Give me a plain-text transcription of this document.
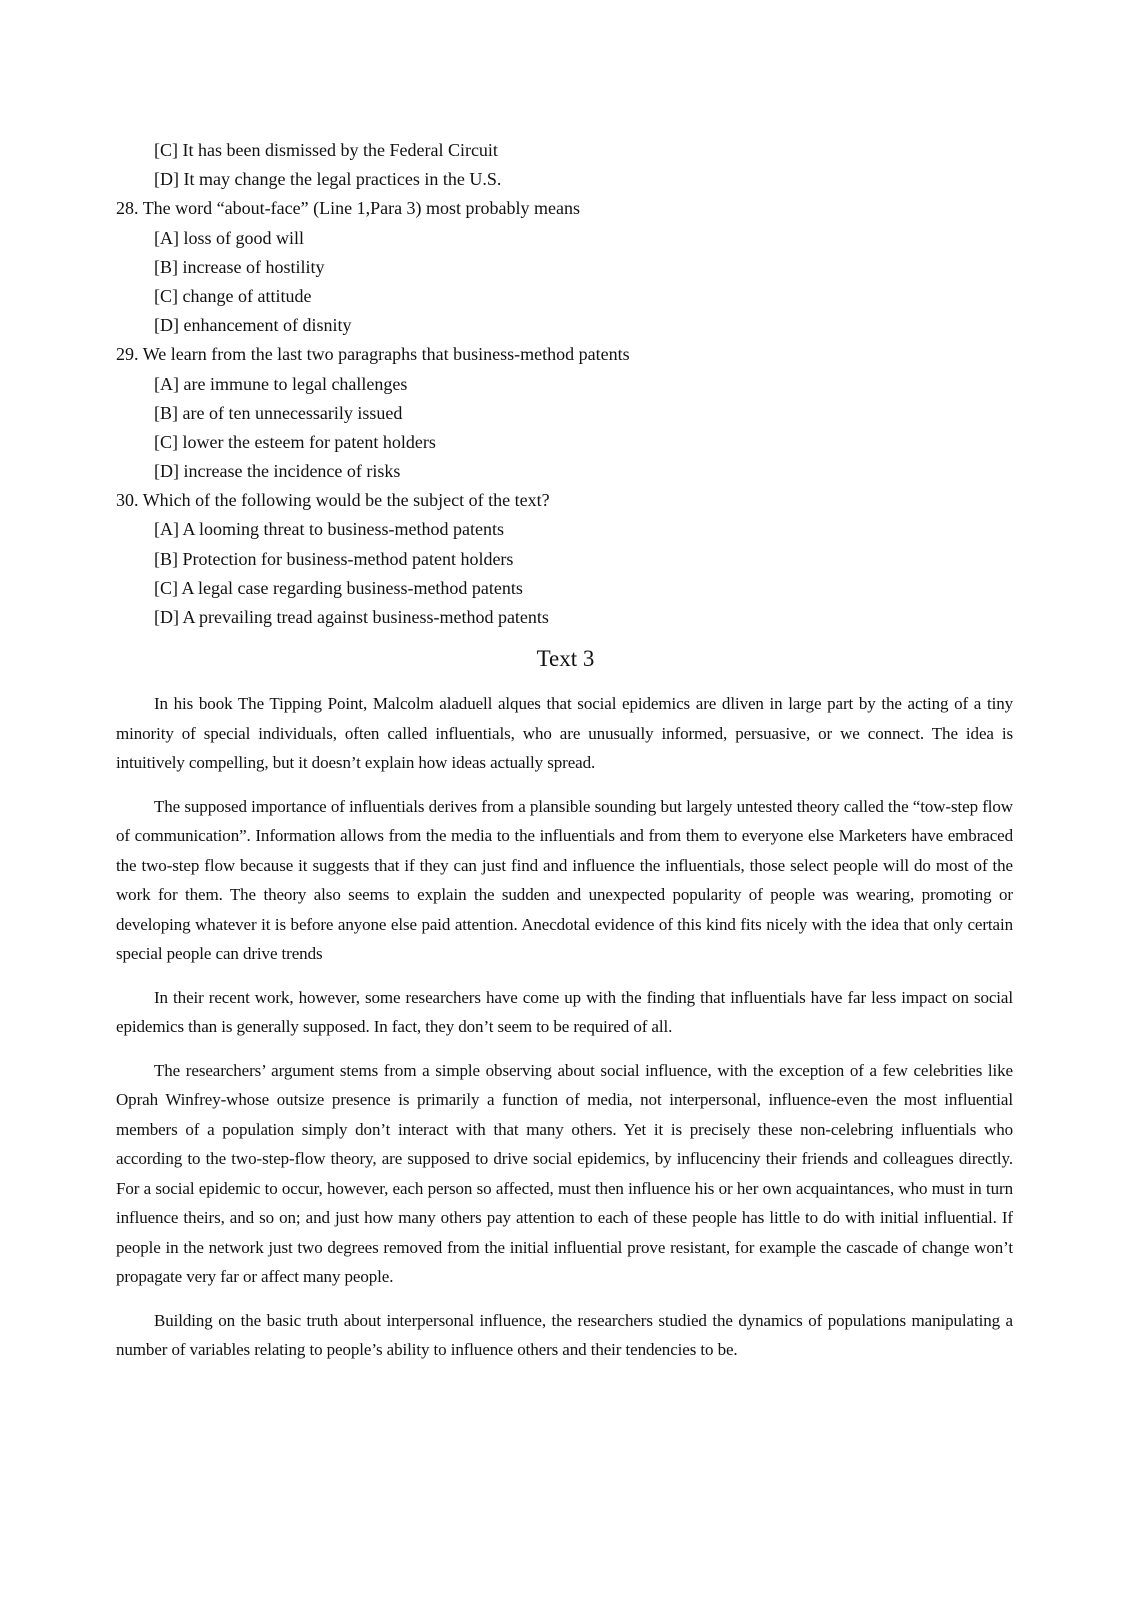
[C] It has been dismissed by the Federal Circuit
[D] It may change the legal practices in the U.S.
28. The word “about-face” (Line 1,Para 3) most probably means
[A] loss of good will
[B] increase of hostility
[C] change of attitude
[D] enhancement of disnity
29. We learn from the last two paragraphs that business-method patents
[A] are immune to legal challenges
[B] are of ten unnecessarily issued
[C] lower the esteem for patent holders
[D] increase the incidence of risks
30. Which of the following would be the subject of the text?
[A] A looming threat to business-method patents
[B] Protection for business-method patent holders
[C] A legal case regarding business-method patents
[D] A prevailing tread against business-method patents
Text 3

In his book The Tipping Point, Malcolm aladuell alques that social epidemics are dliven in large part by the acting of a tiny minority of special individuals, often called influentials, who are unusually informed, persuasive, or we connect. The idea is intuitively compelling, but it doesn’t explain how ideas actually spread.

The supposed importance of influentials derives from a plansible sounding but largely untested theory called the “tow-step flow of communication”. Information allows from the media to the influentials and from them to everyone else Marketers have embraced the two-step flow because it suggests that if they can just find and influence the influentials, those select people will do most of the work for them. The theory also seems to explain the sudden and unexpected popularity of people was wearing, promoting or developing whatever it is before anyone else paid attention. Anecdotal evidence of this kind fits nicely with the idea that only certain special people can drive trends

In their recent work, however, some researchers have come up with the finding that influentials have far less impact on social epidemics than is generally supposed. In fact, they don’t seem to be required of all.

The researchers’ argument stems from a simple observing about social influence, with the exception of a few celebrities like Oprah Winfrey-whose outsize presence is primarily a function of media, not interpersonal, influence-even the most influential members of a population simply don’t interact with that many others. Yet it is precisely these non-celebring influentials who according to the two-step-flow theory, are supposed to drive social epidemics, by influcenciny their friends and colleagues directly. For a social epidemic to occur, however, each person so affected, must then influence his or her own acquaintances, who must in turn influence theirs, and so on; and just how many others pay attention to each of these people has little to do with initial influential. If people in the network just two degrees removed from the initial influential prove resistant, for example the cascade of change won’t propagate very far or affect many people.

Building on the basic truth about interpersonal influence, the researchers studied the dynamics of populations manipulating a number of variables relating to people’s ability to influence others and their tendencies to be.
